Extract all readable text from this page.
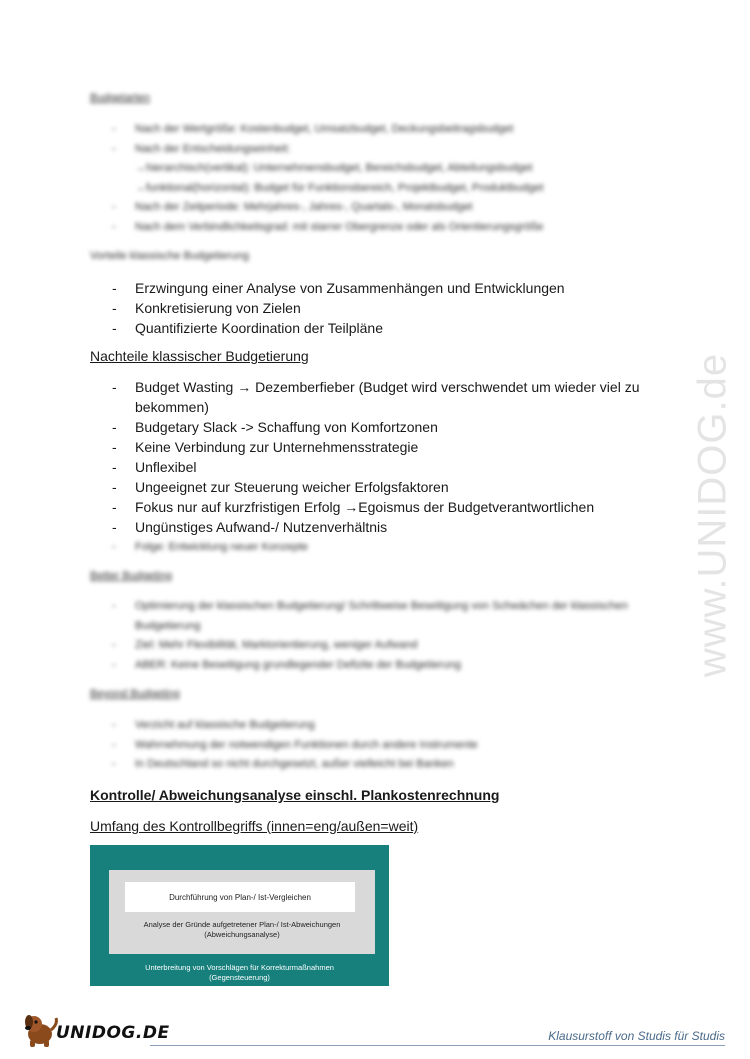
www.UNIDOG.de
Budgetarten
- Nach der Wertgröße: Kostenbudget, Umsatzbudget, Deckungsbeitragsbudget
- Nach der Entscheidungseinheit:
→hierarchisch(vertikal): Unternehmensbudget, Bereichsbudget, Abteilungsbudget
→funktional(horizontal): Budget für Funktionsbereich, Projektbudget, Produktbudget
- Nach der Zeitperiode: Mehrjahres-, Jahres-, Quartals-, Monatsbudget
- Nach dem Verbindlichkeitsgrad: mit starrer Obergrenze oder als Orientierungsgröße
Vorteile klassische Budgetierung
- Erzwingung einer Analyse von Zusammenhängen und Entwicklungen
- Konkretisierung von Zielen
- Quantifizierte Koordination der Teilpläne
Nachteile klassischer Budgetierung
- Budget Wasting → Dezemberfieber (Budget wird verschwendet um wieder viel zu bekommen)
- Budgetary Slack -> Schaffung von Komfortzonen
- Keine Verbindung zur Unternehmensstrategie
- Unflexibel
- Ungeeignet zur Steuerung weicher Erfolgsfaktoren
- Fokus nur auf kurzfristigen Erfolg →Egoismus der Budgetverantwortlichen
- Ungünstiges Aufwand-/ Nutzenverhältnis
- Folge: Entwicklung neuer Konzepte
Better Budgeting
- Optimierung der klassischen Budgetierung/ Schrittweise Beseitigung von Schwächen der klassischen Budgetierung
- Ziel: Mehr Flexibilität, Marktorientierung, weniger Aufwand
- ABER: Keine Beseitigung grundlegender Defizite der Budgetierung
Beyond Budgeting
- Verzicht auf klassische Budgetierung
- Wahrnehmung der notwendigen Funktionen durch andere Instrumente
- In Deutschland so nicht durchgesetzt, außer vielleicht bei Banken
Kontrolle/ Abweichungsanalyse einschl. Plankostenrechnung
Umfang des Kontrollbegriffs (innen=eng/außen=weit)
Durchführung von Plan-/ Ist-Vergleichen
Analyse der Gründe aufgetretener Plan-/ Ist-Abweichungen
(Abweichungsanalyse)
Unterbreitung von Vorschlägen für Korrekturmaßnahmen
(Gegensteuerung)
UNIDOG.DE	Klausurstoff von Studis für Studis
